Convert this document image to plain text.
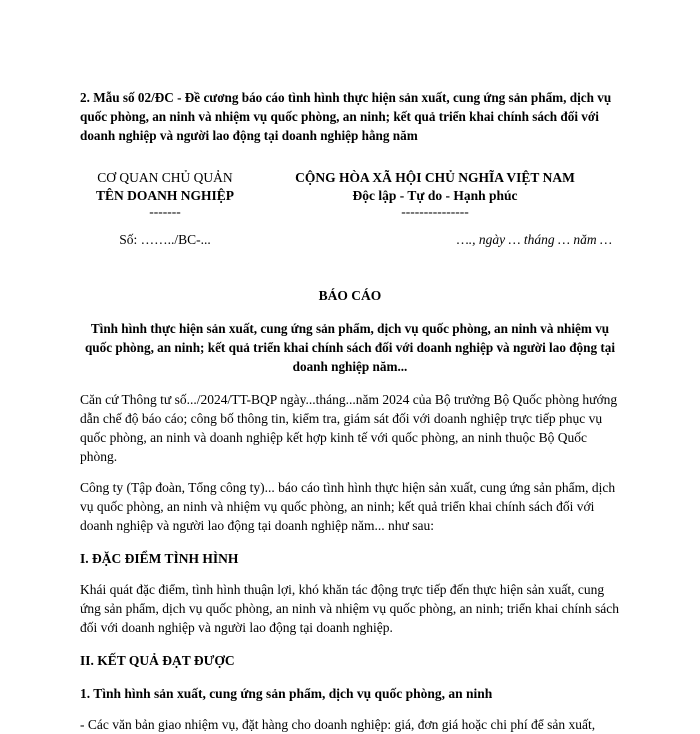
2. Mẫu số 02/ĐC - Đề cương báo cáo tình hình thực hiện sản xuất, cung ứng sản phẩm, dịch vụ quốc phòng, an ninh và nhiệm vụ quốc phòng, an ninh; kết quả triển khai chính sách đối với doanh nghiệp và người lao động tại doanh nghiệp hằng năm

CƠ QUAN CHỦ QUẢN
TÊN DOANH NGHIỆP
-------
CỘNG HÒA XÃ HỘI CHỦ NGHĨA VIỆT NAM
Độc lập - Tự do - Hạnh phúc
---------------
Số: ……../BC-...	…., ngày … tháng … năm …
BÁO CÁO
Tình hình thực hiện sản xuất, cung ứng sản phẩm, dịch vụ quốc phòng, an ninh và nhiệm vụ quốc phòng, an ninh; kết quả triển khai chính sách đối với doanh nghiệp và người lao động tại doanh nghiệp năm...
Căn cứ Thông tư số.../2024/TT-BQP ngày...tháng...năm 2024 của Bộ trưởng Bộ Quốc phòng hướng dẫn chế độ báo cáo; công bố thông tin, kiểm tra, giám sát đối với doanh nghiệp trực tiếp phục vụ quốc phòng, an ninh và doanh nghiệp kết hợp kinh tế với quốc phòng, an ninh thuộc Bộ Quốc phòng.
Công ty (Tập đoàn, Tổng công ty)... báo cáo tình hình thực hiện sản xuất, cung ứng sản phẩm, dịch vụ quốc phòng, an ninh và nhiệm vụ quốc phòng, an ninh; kết quả triển khai chính sách đối với doanh nghiệp và người lao động tại doanh nghiệp năm... như sau:
I. ĐẶC ĐIỂM TÌNH HÌNH
Khái quát đặc điểm, tình hình thuận lợi, khó khăn tác động trực tiếp đến thực hiện sản xuất, cung ứng sản phẩm, dịch vụ quốc phòng, an ninh và nhiệm vụ quốc phòng, an ninh; triển khai chính sách đối với doanh nghiệp và người lao động tại doanh nghiệp.
II. KẾT QUẢ ĐẠT ĐƯỢC
1. Tình hình sản xuất, cung ứng sản phẩm, dịch vụ quốc phòng, an ninh
- Các văn bản giao nhiệm vụ, đặt hàng cho doanh nghiệp: giá, đơn giá hoặc chi phí để sản xuất,
